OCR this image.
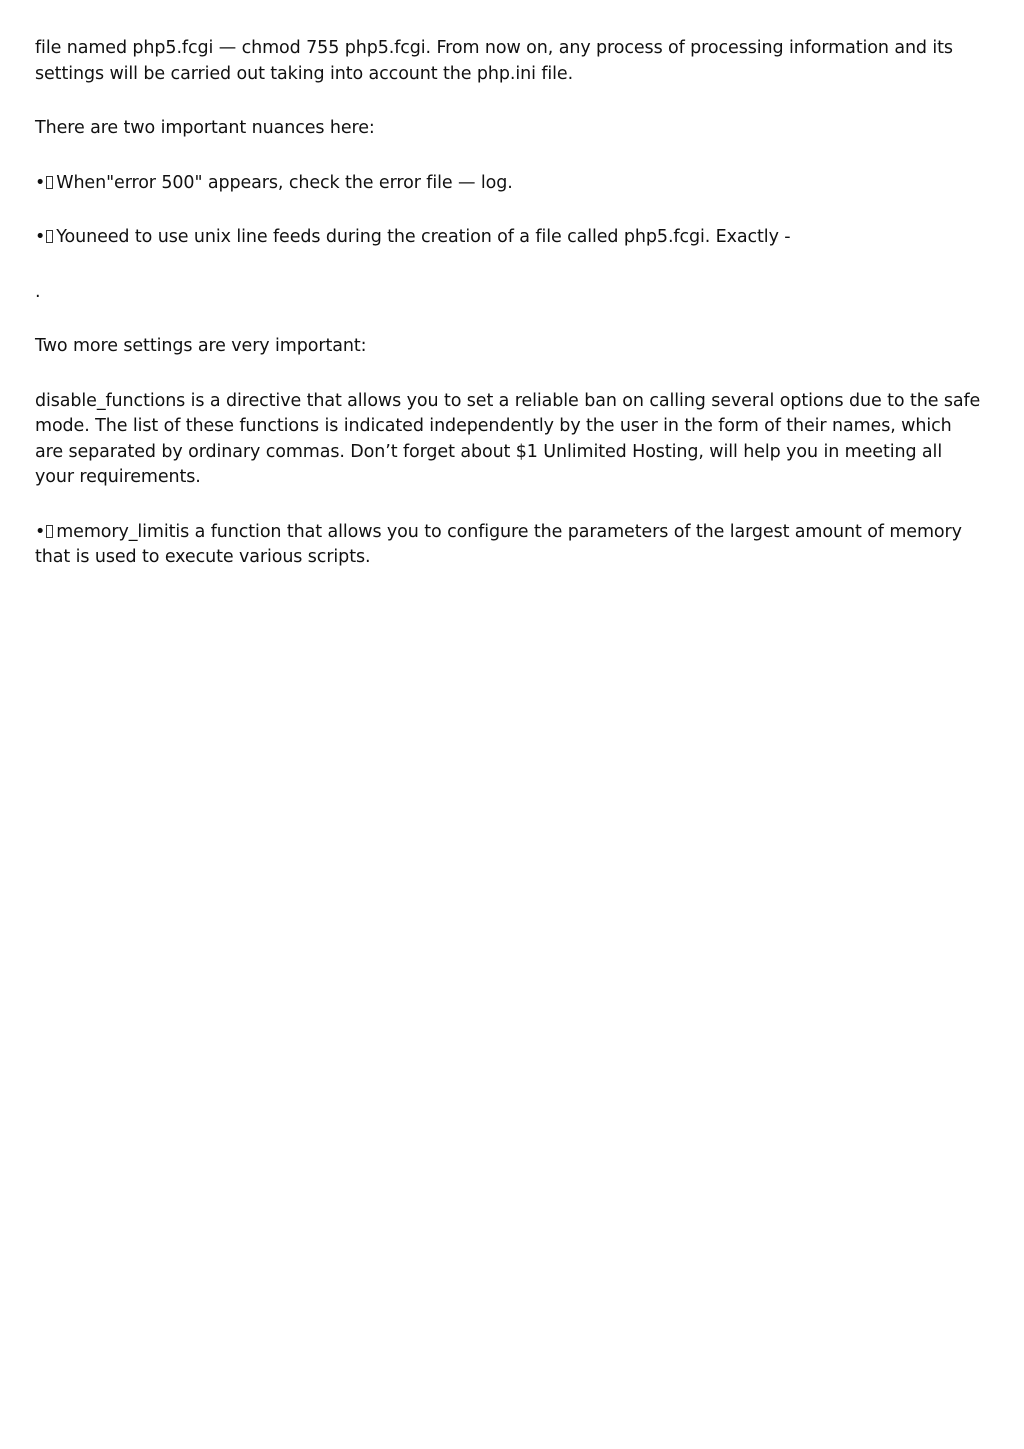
file named php5.fcgi — chmod 755 php5.fcgi. From now on, any process of processing information and its settings will be carried out taking into account the php.ini file.

There are two important nuances here:

• When"error 500" appears, check the error file — log.

• Youneed to use unix line feeds during the creation of a file called php5.fcgi. Exactly -

.

Two more settings are very important:

disable_functions is a directive that allows you to set a reliable ban on calling several options due to the safe mode. The list of these functions is indicated independently by the user in the form of their names, which are separated by ordinary commas. Don’t forget about $1 Unlimited Hosting, will help you in meeting all your requirements.

• memory_limitis a function that allows you to configure the parameters of the largest amount of memory that is used to execute various scripts.
